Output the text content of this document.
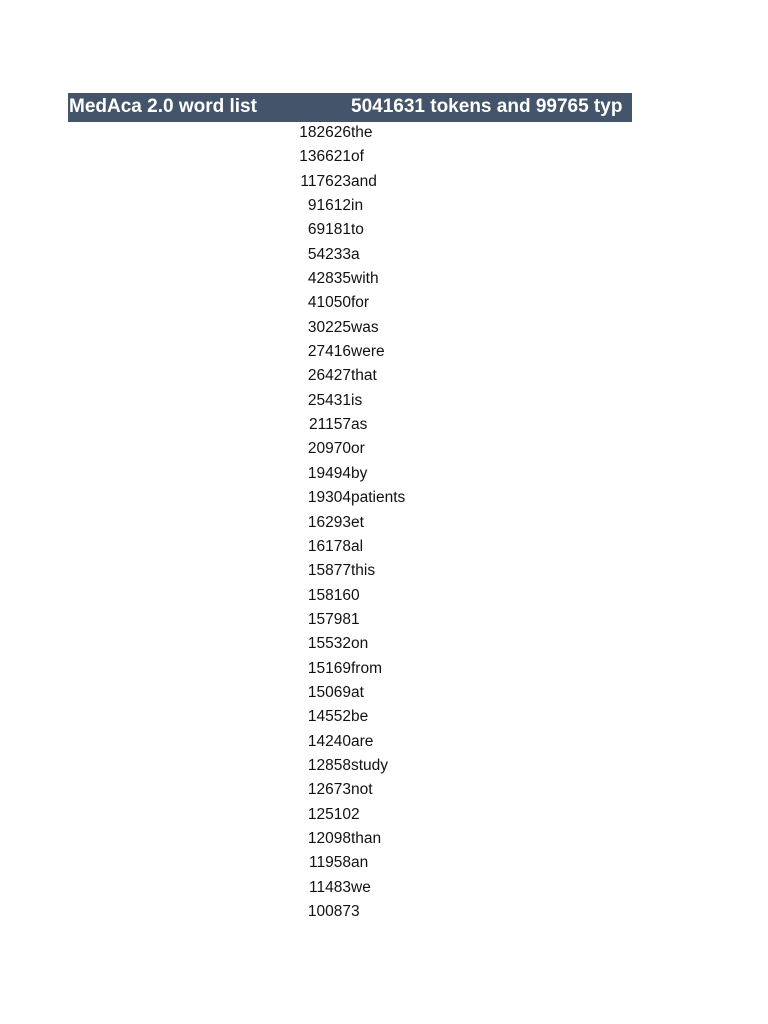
MedAca 2.0 word list	5041631 tokens and 99765 typ
182626 the
136621 of
117623 and
91612 in
69181 to
54233 a
42835 with
41050 for
30225 was
27416 were
26427 that
25431 is
21157 as
20970 or
19494 by
19304 patients
16293 et
16178 al
15877 this
15816 0
15798 1
15532 on
15169 from
15069 at
14552 be
14240 are
12858 study
12673 not
12510 2
12098 than
11958 an
11483 we
10087 3
